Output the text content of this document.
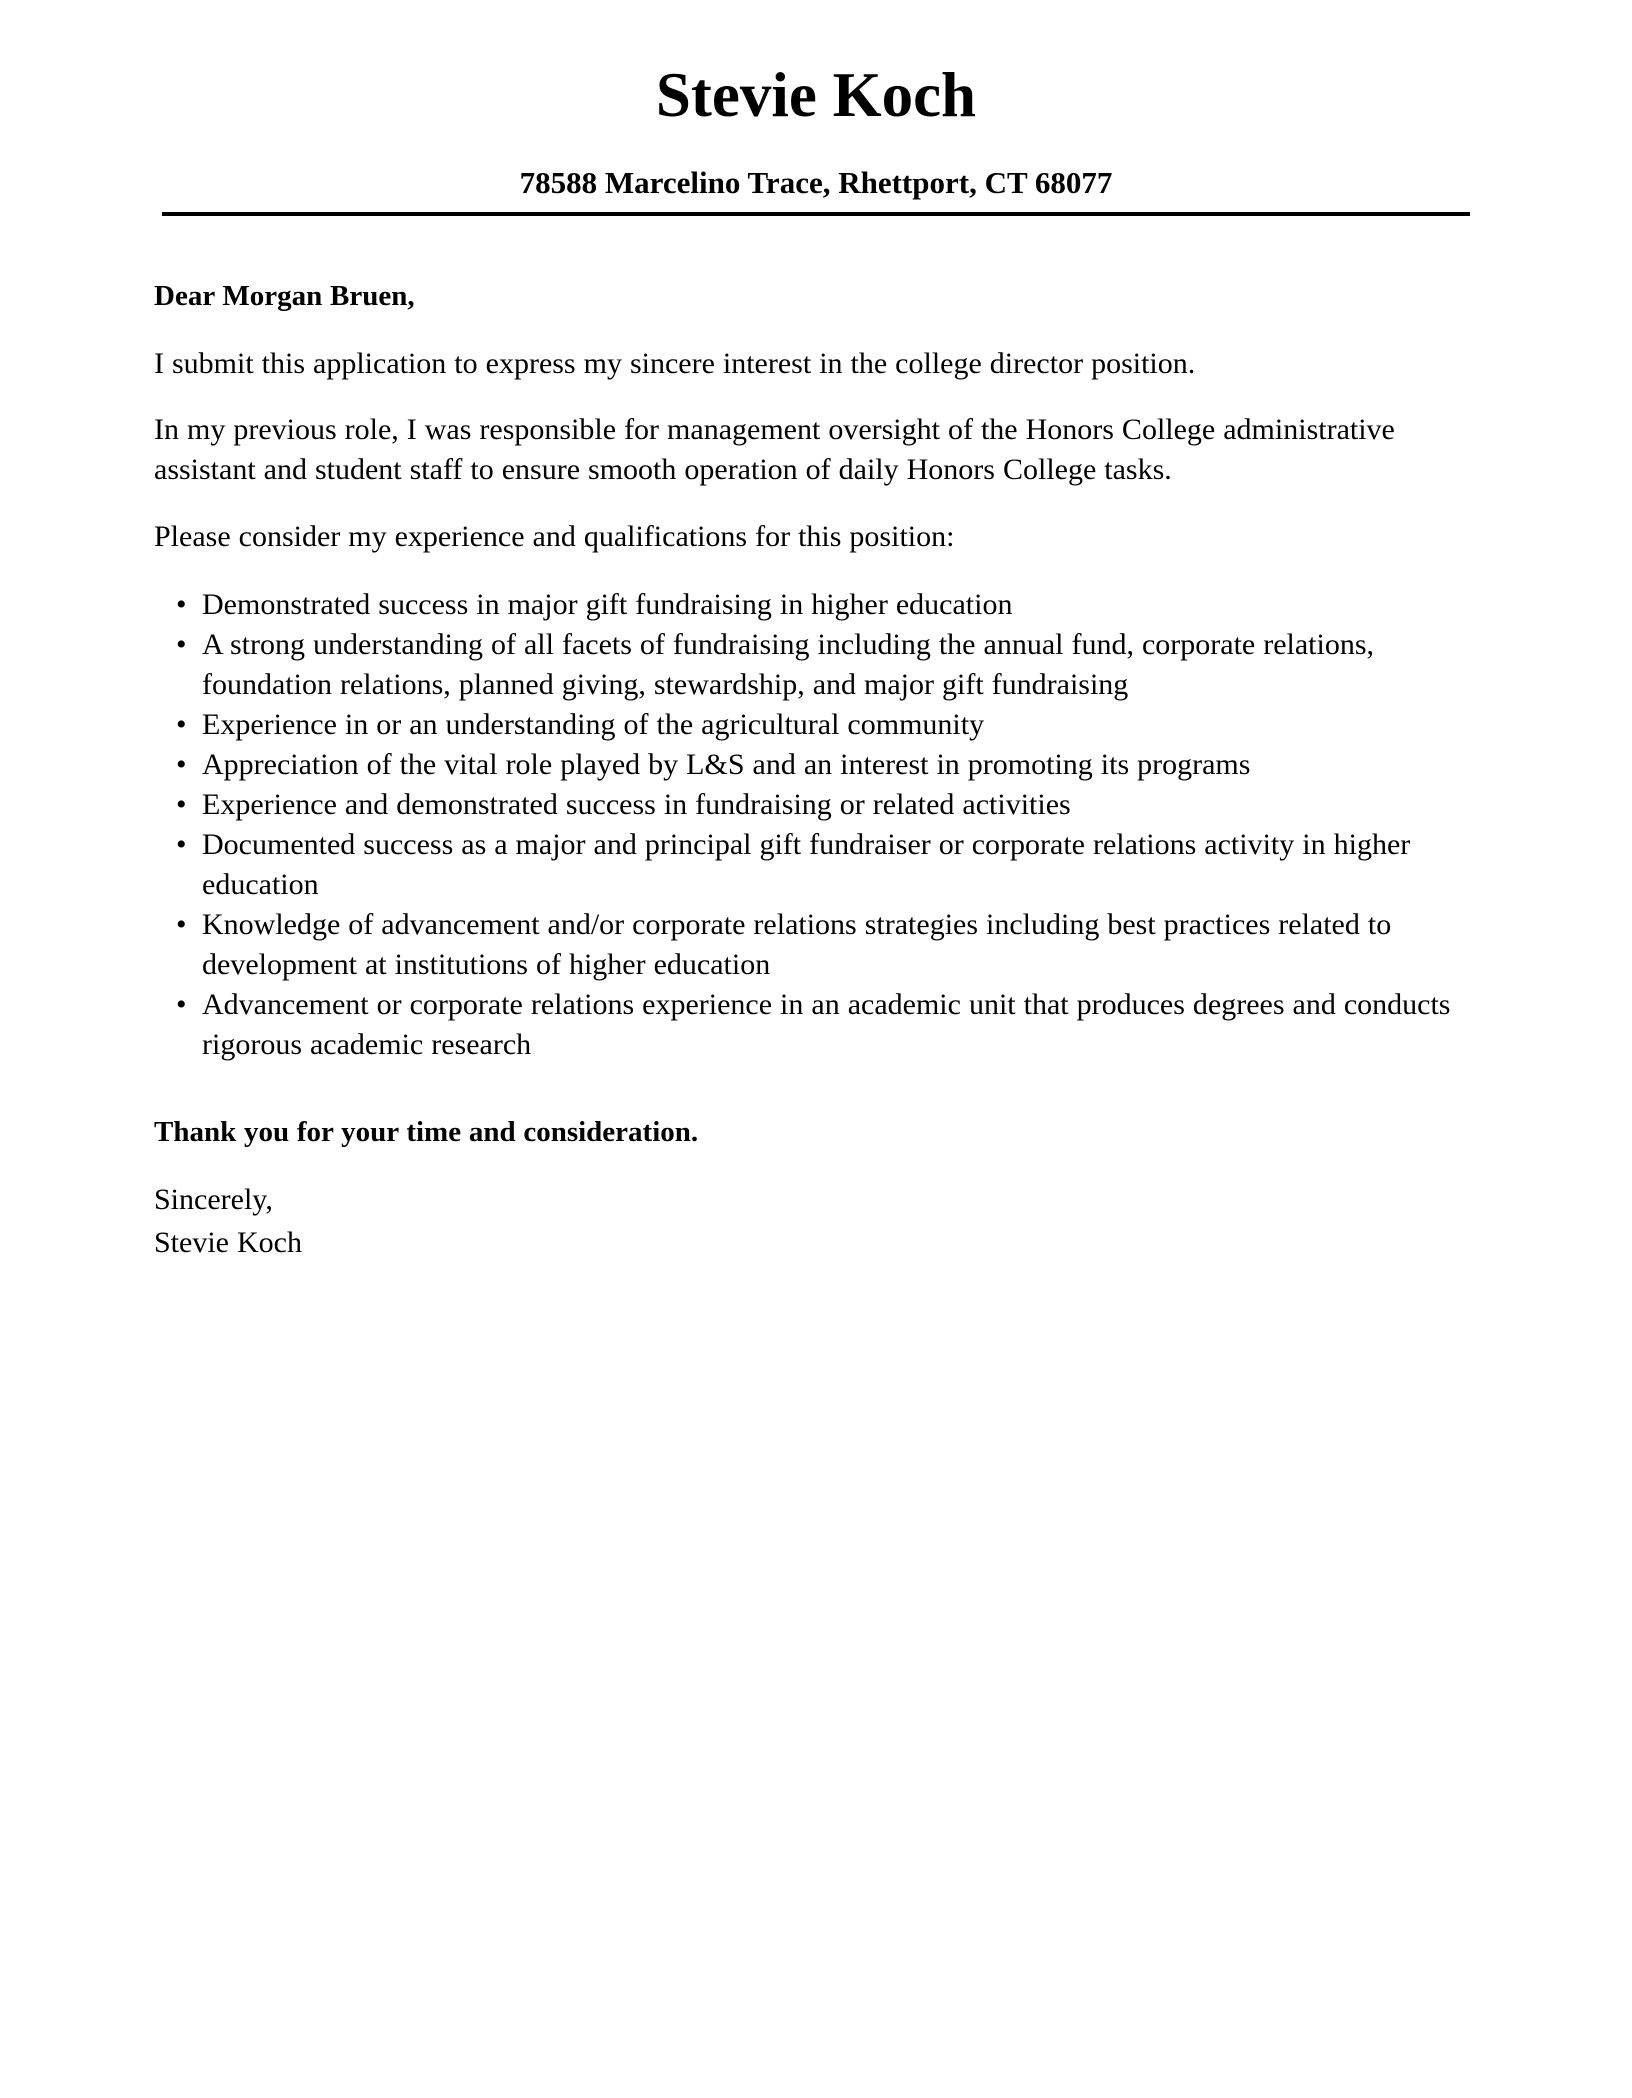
Stevie Koch
78588 Marcelino Trace, Rhettport, CT 68077

Dear Morgan Bruen,

I submit this application to express my sincere interest in the college director position.

In my previous role, I was responsible for management oversight of the Honors College administrative assistant and student staff to ensure smooth operation of daily Honors College tasks.

Please consider my experience and qualifications for this position:

• Demonstrated success in major gift fundraising in higher education
• A strong understanding of all facets of fundraising including the annual fund, corporate relations, foundation relations, planned giving, stewardship, and major gift fundraising
• Experience in or an understanding of the agricultural community
• Appreciation of the vital role played by L&S and an interest in promoting its programs
• Experience and demonstrated success in fundraising or related activities
• Documented success as a major and principal gift fundraiser or corporate relations activity in higher education
• Knowledge of advancement and/or corporate relations strategies including best practices related to development at institutions of higher education
• Advancement or corporate relations experience in an academic unit that produces degrees and conducts rigorous academic research

Thank you for your time and consideration.

Sincerely,
Stevie Koch
